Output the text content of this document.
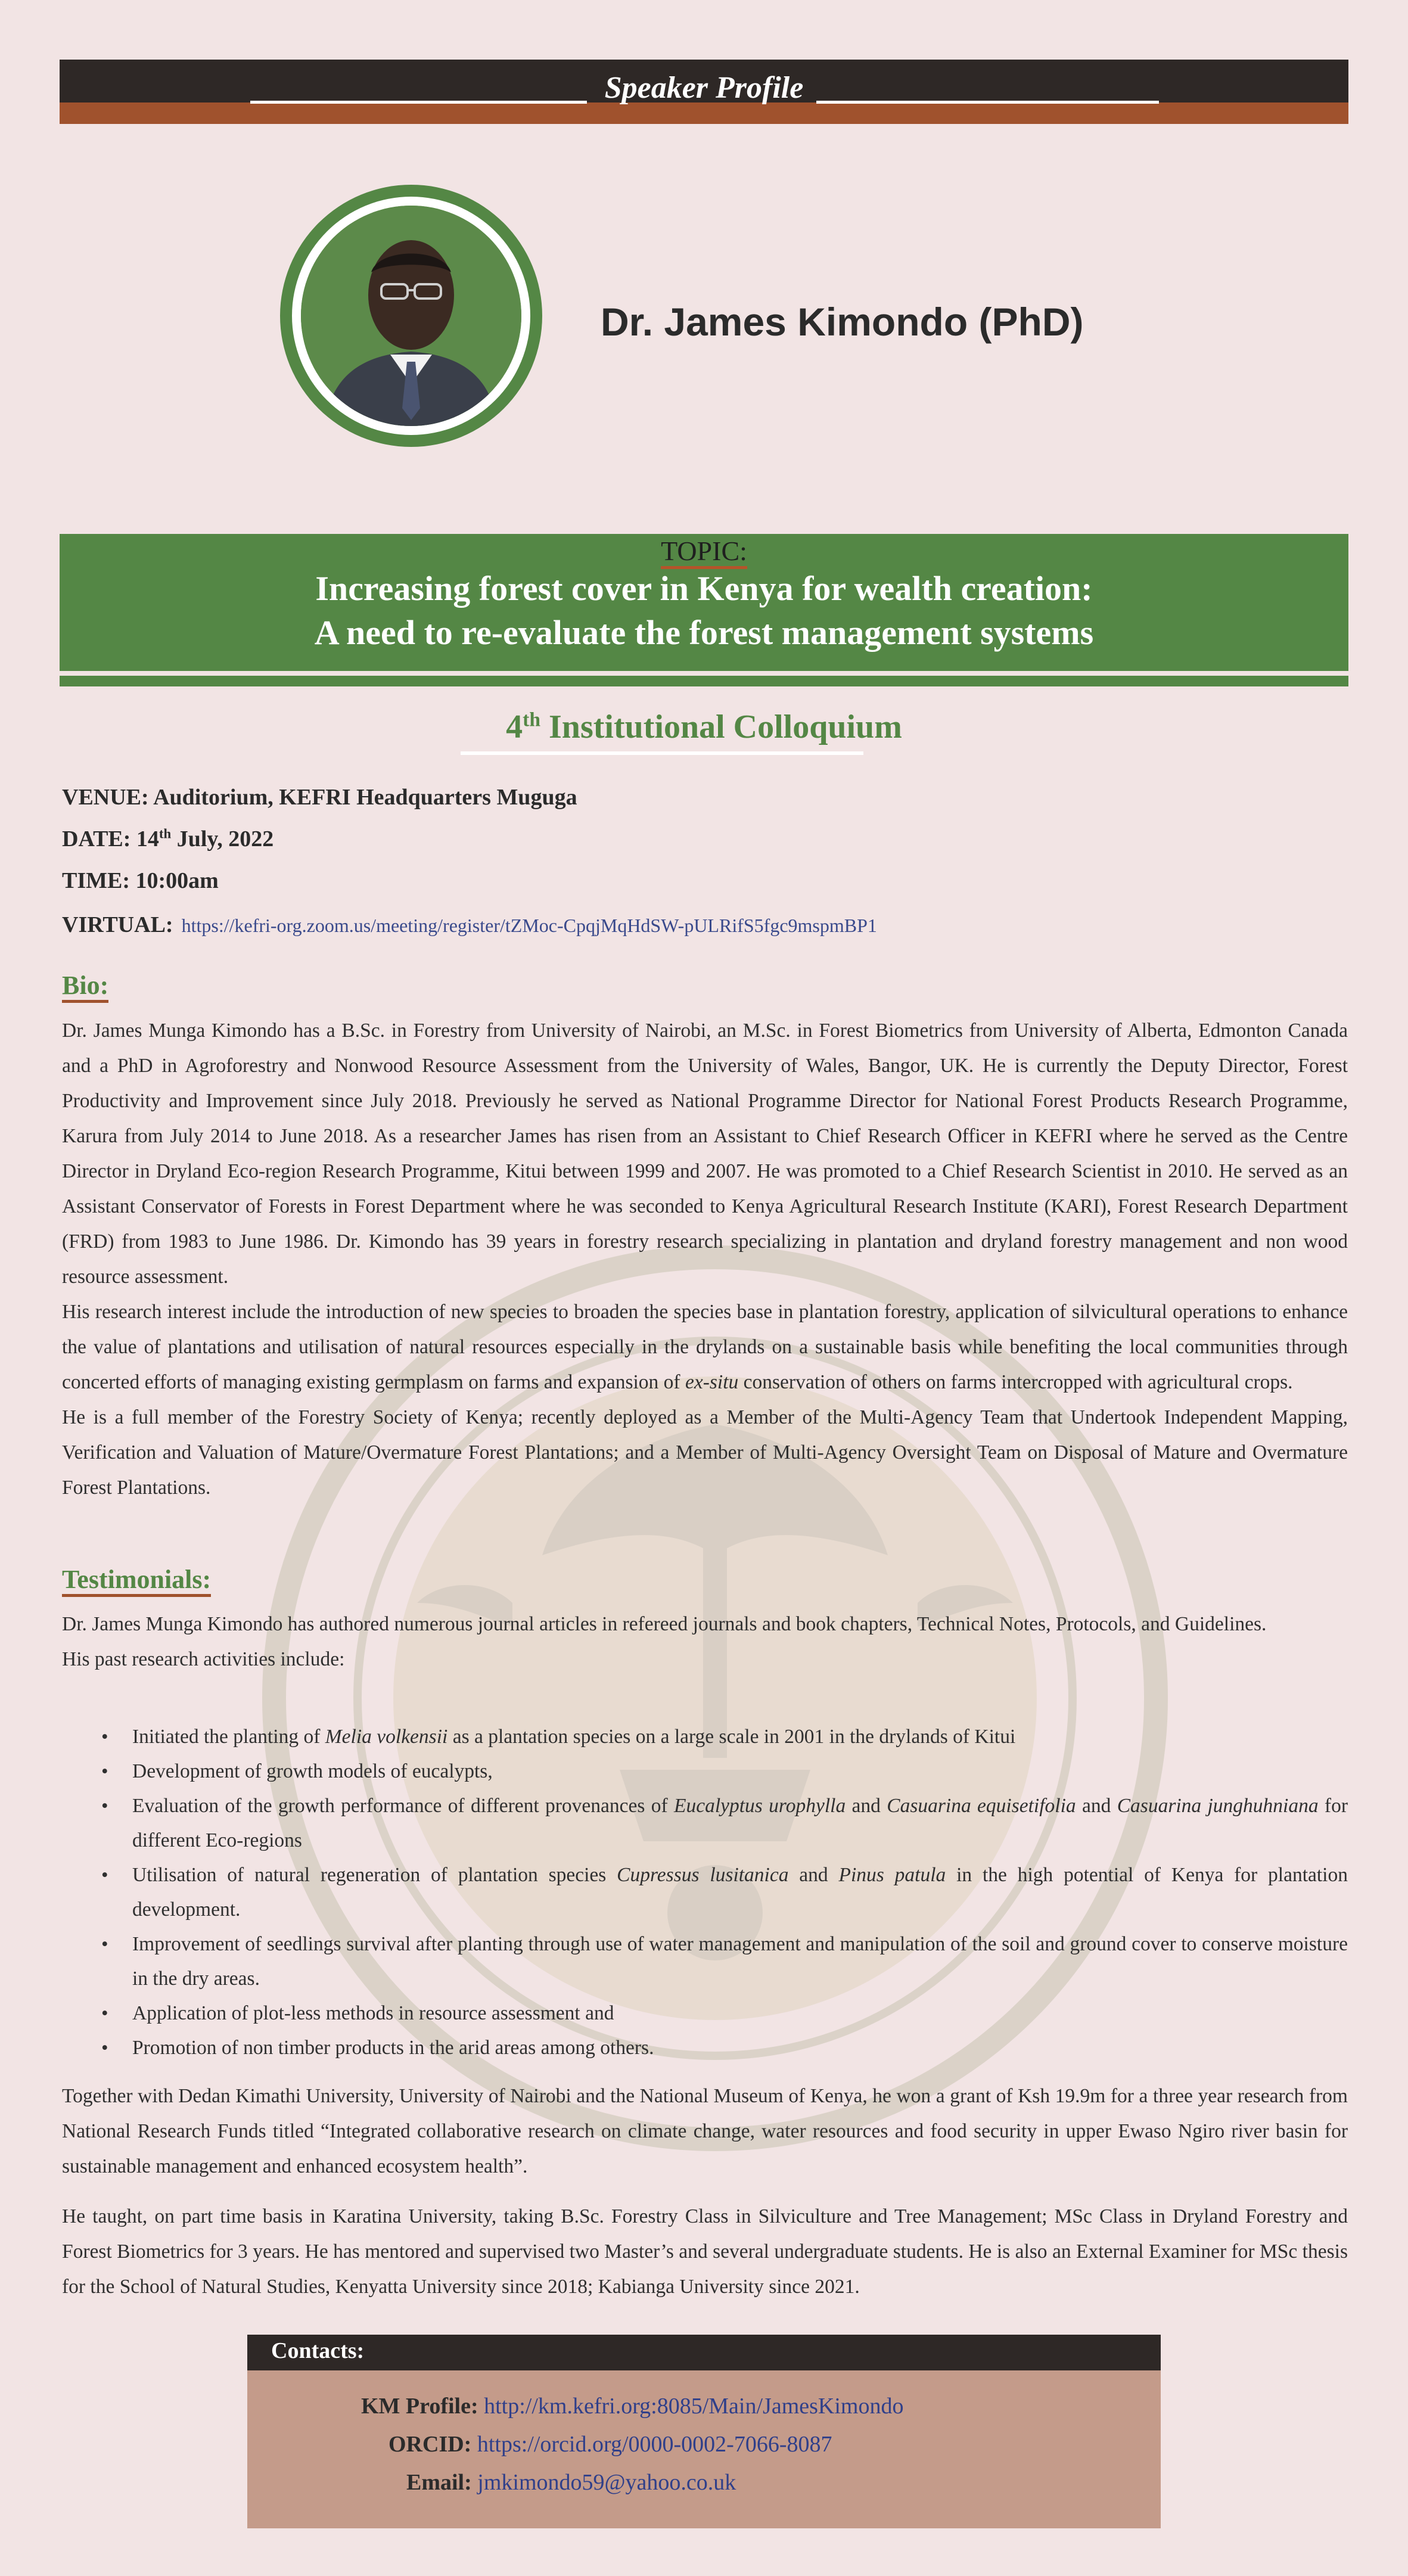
Speaker Profile
Dr. James Kimondo (PhD)
TOPIC:
Increasing forest cover in Kenya for wealth creation:
A need to re-evaluate the forest management systems
4th Institutional Colloquium
VENUE: Auditorium, KEFRI Headquarters Muguga
DATE: 14th July, 2022
TIME: 10:00am
VIRTUAL: https://kefri-org.zoom.us/meeting/register/tZMoc-CpqjMqHdSW-pULRifS5fgc9mspmBP1
Bio:

Dr. James Munga Kimondo has a B.Sc. in Forestry from University of Nairobi, an M.Sc. in Forest Biometrics from University of Alberta, Edmonton Canada and a PhD in Agroforestry and Nonwood Resource Assessment from the University of Wales, Bangor, UK. He is currently the Deputy Director, Forest Productivity and Improvement since July 2018. Previously he served as National Programme Director for National Forest Products Research Programme, Karura from July 2014 to June 2018. As a researcher James has risen from an Assistant to Chief Research Officer in KEFRI where he served as the Centre Director in Dryland Eco-region Research Programme, Kitui between 1999 and 2007. He was promoted to a Chief Research Scientist in 2010. He served as an Assistant Conservator of Forests in Forest Department where he was seconded to Kenya Agricultural Research Institute (KARI), Forest Research Department (FRD) from 1983 to June 1986. Dr. Kimondo has 39 years in forestry research specializing in plantation and dryland forestry management and non wood resource assessment.

His research interest include the introduction of new species to broaden the species base in plantation forestry, application of silvicultural operations to enhance the value of plantations and utilisation of natural resources especially in the drylands on a sustainable basis while benefiting the local communities through concerted efforts of managing existing germplasm on farms and expansion of ex-situ conservation of others on farms intercropped with agricultural crops.

He is a full member of the Forestry Society of Kenya; recently deployed as a Member of the Multi-Agency Team that Undertook Independent Mapping, Verification and Valuation of Mature/Overmature Forest Plantations; and a Member of Multi-Agency Oversight Team on Disposal of Mature and Overmature Forest Plantations.

Testimonials:

Dr. James Munga Kimondo has authored numerous journal articles in refereed journals and book chapters, Technical Notes, Protocols, and Guidelines.

His past research activities include:

• Initiated the planting of Melia volkensii as a plantation species on a large scale in 2001 in the drylands of Kitui
• Development of growth models of eucalypts,
• Evaluation of the growth performance of different provenances of Eucalyptus urophylla and Casuarina equisetifolia and Casuarina junghuhniana for different Eco-regions
• Utilisation of natural regeneration of plantation species Cupressus lusitanica and Pinus patula in the high potential of Kenya for plantation development.
• Improvement of seedlings survival after planting through use of water management and manipulation of the soil and ground cover to conserve moisture in the dry areas.
• Application of plot-less methods in resource assessment and
• Promotion of non timber products in the arid areas among others.
Together with Dedan Kimathi University, University of Nairobi and the National Museum of Kenya, he won a grant of Ksh 19.9m for a three year research from National Research Funds titled “Integrated collaborative research on climate change, water resources and food security in upper Ewaso Ngiro river basin for sustainable management and enhanced ecosystem health”.
He taught, on part time basis in Karatina University, taking B.Sc. Forestry Class in Silviculture and Tree Management; MSc Class in Dryland Forestry and Forest Biometrics for 3 years. He has mentored and supervised two Master’s and several undergraduate students. He is also an External Examiner for MSc thesis for the School of Natural Studies, Kenyatta University since 2018; Kabianga University since 2021.
Contacts:
KM Profile: http://km.kefri.org:8085/Main/JamesKimondo
ORCID: https://orcid.org/0000-0002-7066-8087
Email: jmkimondo59@yahoo.co.uk
